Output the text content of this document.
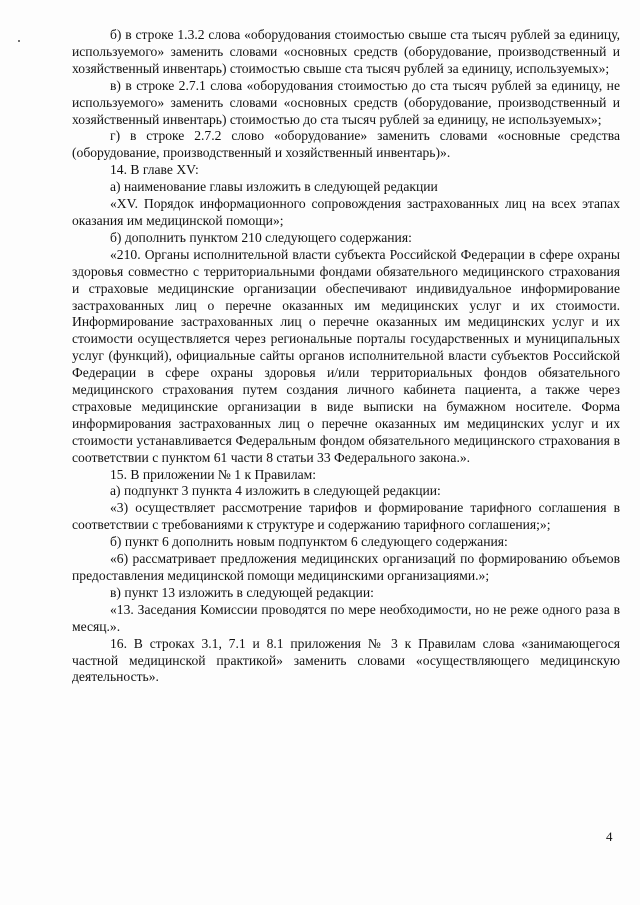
б) в строке 1.3.2 слова «оборудования стоимостью свыше ста тысяч рублей за единицу, используемого» заменить словами «основных средств (оборудование, производственный и хозяйственный инвентарь) стоимостью свыше ста тысяч рублей за единицу, используемых»;

в) в строке 2.7.1 слова «оборудования стоимостью до ста тысяч рублей за единицу, не используемого» заменить словами «основных средств (оборудование, производственный и хозяйственный инвентарь) стоимостью до ста тысяч рублей за единицу, не используемых»;

г) в строке 2.7.2 слово «оборудование» заменить словами «основные средства (оборудование, производственный и хозяйственный инвентарь)».

14. В главе XV:

а) наименование главы изложить в следующей редакции

«XV. Порядок информационного сопровождения застрахованных лиц на всех этапах оказания им медицинской помощи»;

б) дополнить пунктом 210 следующего содержания:

«210. Органы исполнительной власти субъекта Российской Федерации в сфере охраны здоровья совместно с территориальными фондами обязательного медицинского страхования и страховые медицинские организации обеспечивают индивидуальное информирование застрахованных лиц о перечне оказанных им медицинских услуг и их стоимости. Информирование застрахованных лиц о перечне оказанных им медицинских услуг и их стоимости осуществляется через региональные порталы государственных и муниципальных услуг (функций), официальные сайты органов исполнительной власти субъектов Российской Федерации в сфере охраны здоровья и/или территориальных фондов обязательного медицинского страхования путем создания личного кабинета пациента, а также через страховые медицинские организации в виде выписки на бумажном носителе. Форма информирования застрахованных лиц о перечне оказанных им медицинских услуг и их стоимости устанавливается Федеральным фондом обязательного медицинского страхования в соответствии с пунктом 61 части 8 статьи 33 Федерального закона.».

15. В приложении № 1 к Правилам:

а) подпункт 3 пункта 4 изложить в следующей редакции:

«3) осуществляет рассмотрение тарифов и формирование тарифного соглашения в соответствии с требованиями к структуре и содержанию тарифного соглашения;»;

б) пункт 6 дополнить новым подпунктом 6 следующего содержания:

«6) рассматривает предложения медицинских организаций по формированию объемов предоставления медицинской помощи медицинскими организациями.»;

в) пункт 13 изложить в следующей редакции:

«13. Заседания Комиссии проводятся по мере необходимости, но не реже одного раза в месяц.».

16. В строках 3.1, 7.1 и 8.1 приложения № 3 к Правилам слова «занимающегося частной медицинской практикой» заменить словами «осуществляющего медицинскую деятельность».

4
